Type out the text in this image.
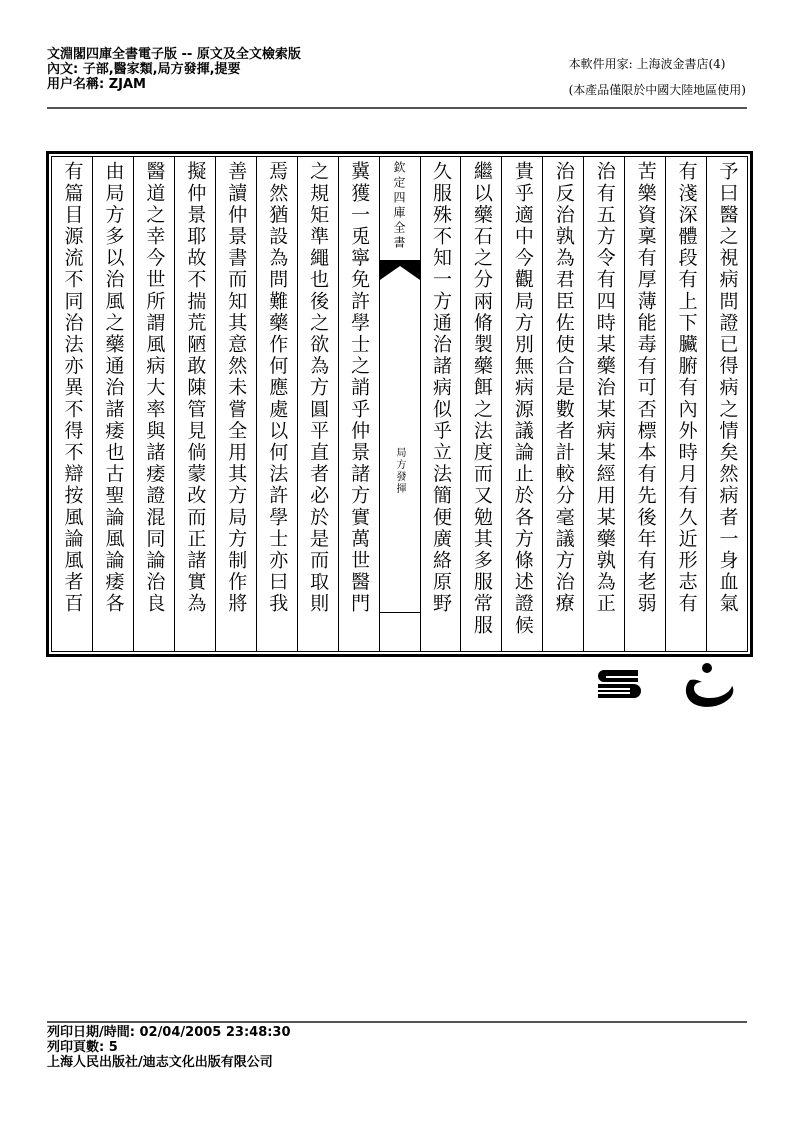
文淵閣四庫全書電子版 -- 原文及全文檢索版
內文: 子部,醫家類,局方發揮,提要
用户名稱: ZJAM
本軟件用家: 上海波金書店(4)
(本產品僅限於中國大陸地區使用)
予曰醫之視病問證已得病之情矣然病者一身血氣
有淺深體段有上下臟腑有內外時月有久近形志有
苦樂資稟有厚薄能毒有可否標本有先後年有老弱
治有五方令有四時某藥治某病某經用某藥孰為正
治反治孰為君臣佐使合是數者計較分毫議方治療
貴乎適中今觀局方別無病源議論止於各方條述證候
繼以藥石之分兩脩製藥餌之法度而又勉其多服常服
久服殊不知一方通治諸病似乎立法簡便廣絡原野
欽定四庫全書
局方發揮
冀獲一兎寧免許學士之誚乎仲景諸方實萬世醫門
之規矩準繩也後之欲為方圓平直者必於是而取則
焉然猶設為問難藥作何應處以何法許學士亦曰我
善讀仲景書而知其意然未嘗全用其方局方制作將
擬仲景耶故不揣荒陋敢陳管見倘蒙改而正諸實為
醫道之幸今世所謂風病大率與諸痿證混同論治良
由局方多以治風之藥通治諸痿也古聖論風論痿各
有篇目源流不同治法亦異不得不辯按風論風者百
列印日期/時間: 02/04/2005 23:48:30
列印頁數: 5
上海人民出版社/迪志文化出版有限公司
